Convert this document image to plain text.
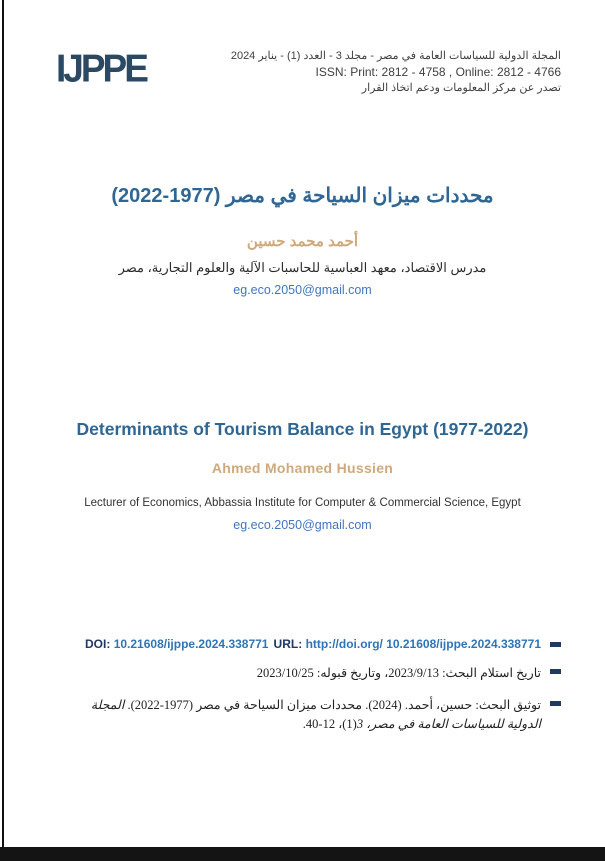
IJPPE	المجلة الدولية للسياسات العامة في مصر - مجلد 3 - العدد (1) - يناير 2024
ISSN: Print: 2812 - 4758 , Online: 2812 - 4766
تصدر عن مركز المعلومات ودعم اتخاذ القرار
محددات ميزان السياحة في مصر (1977-2022)
أحمد محمد حسين
مدرس الاقتصاد، معهد العباسية للحاسبات الآلية والعلوم التجارية، مصر
eg.eco.2050@gmail.com
Determinants of Tourism Balance in Egypt (1977-2022)
Ahmed Mohamed Hussien
Lecturer of Economics, Abbassia Institute for Computer & Commercial Science, Egypt
eg.eco.2050@gmail.com
URL: http://doi.org/ 10.21608/ijppe.2024.338771
DOI: 10.21608/ijppe.2024.338771
تاريخ استلام البحث: 2023/9/13، وتاريخ قبوله: 2023/10/25
توثيق البحث: حسين، أحمد. (2024). محددات ميزان السياحة في مصر (1977-2022). المجلة الدولية للسياسات العامة في مصر، 3(1)، 12-40.
